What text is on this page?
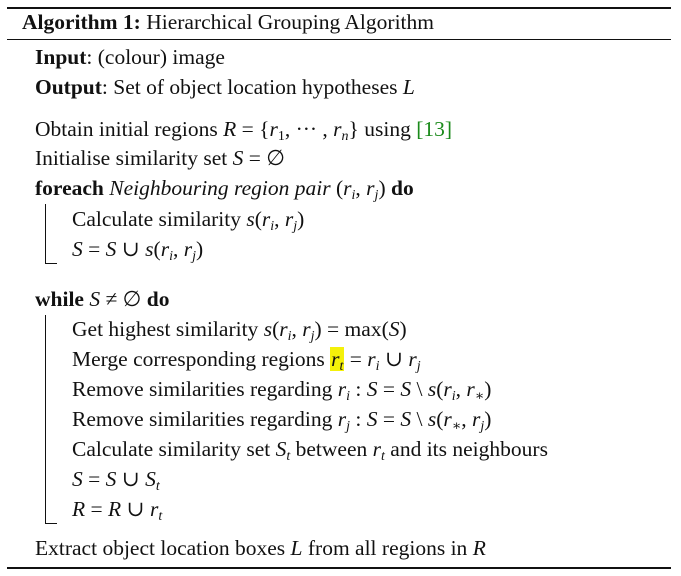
Algorithm 1: Hierarchical Grouping Algorithm
Input: (colour) image
Output: Set of object location hypotheses L
Obtain initial regions $R = \{r_1$, ··· , $r_n$} using [13]
Initialise similarity set S = ∅
foreach Neighbouring region pair ($r_i$, $r_j$) do
Calculate similarity $s(r_i$, $r_j$)
S = S ∪ $s(r_i$, $r_j$)
while S ≠ ∅ do
Get highest similarity $s(r_i$, $r_j) = \max(S)$
Merge corresponding regions $r_t = r_i$ ∪ $r_j$
Remove similarities regarding $r_i$ : S = S \ $s(r_i$, $r_∗$)
Remove similarities regarding $r_j$ : S = S \ $s(r_∗$, $r_j$)
Calculate similarity set $S_t$ between $r_t$ and its neighbours
S = S ∪ $S_t$
R = R ∪ $r_t$
Extract object location boxes L from all regions in R
